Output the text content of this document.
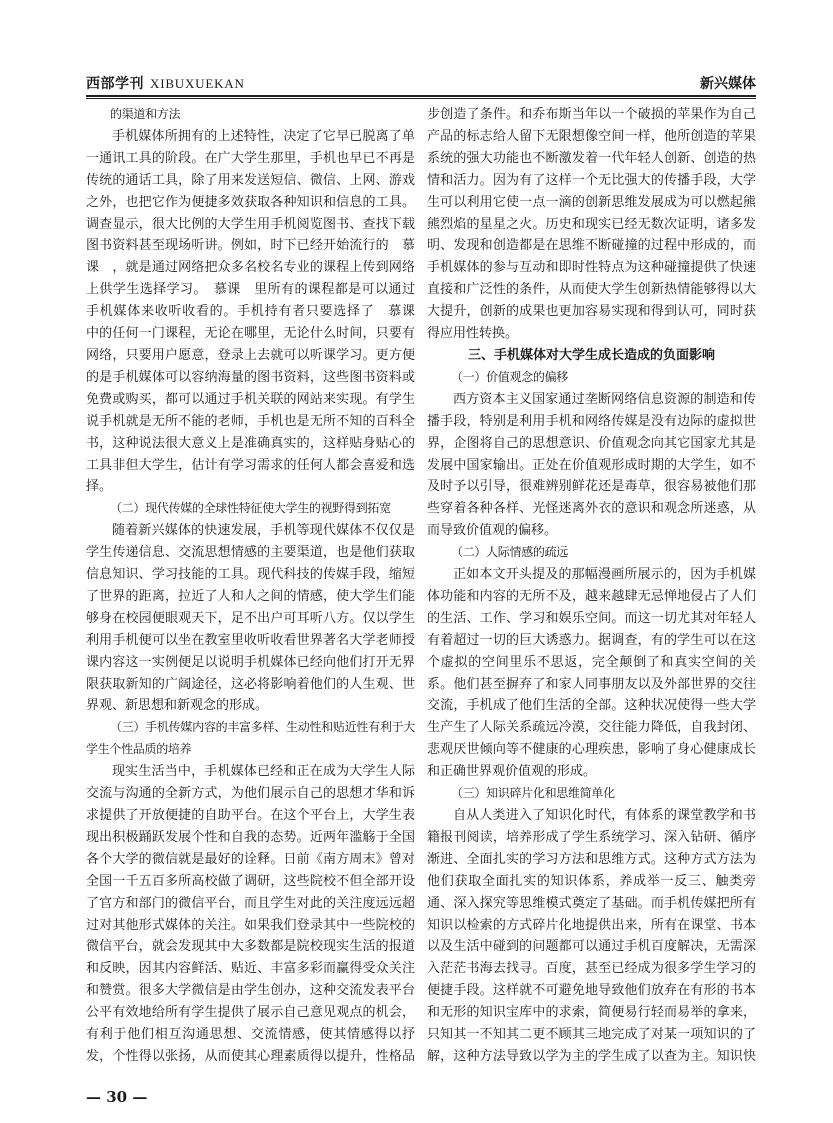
西部学刊 XIBUXUEKAN	新兴媒体

的渠道和方法

手机媒体所拥有的上述特性，决定了它早已脱离了单一通讯工具的阶段。在广大学生那里，手机也早已不再是传统的通话工具，除了用来发送短信、微信、上网、游戏之外，也把它作为便捷多效获取各种知识和信息的工具。调查显示，很大比例的大学生用手机阅览图书、查找下载图书资料甚至现场听讲。例如，时下已经开始流行的　慕课　，就是通过网络把众多名校名专业的课程上传到网络上供学生选择学习。　慕课　里所有的课程都是可以通过手机媒体来收听收看的。手机持有者只要选择了　慕课　中的任何一门课程，无论在哪里，无论什么时间，只要有网络，只要用户愿意，登录上去就可以听课学习。更方便的是手机媒体可以容纳海量的图书资料，这些图书资料或免费或购买，都可以通过手机关联的网站来实现。有学生说手机就是无所不能的老师，手机也是无所不知的百科全书，这种说法很大意义上是准确真实的，这样贴身贴心的工具非但大学生，估计有学习需求的任何人都会喜爱和选择。

（二）现代传媒的全球性特征使大学生的视野得到拓宽

随着新兴媒体的快速发展，手机等现代媒体不仅仅是学生传递信息、交流思想情感的主要渠道，也是他们获取信息知识、学习技能的工具。现代科技的传媒手段，缩短了世界的距离，拉近了人和人之间的情感，使大学生们能够身在校园便眼观天下，足不出户可耳听八方。仅以学生利用手机便可以坐在教室里收听收看世界著名大学老师授课内容这一实例便足以说明手机媒体已经向他们打开无界限获取新知的广阔途径，这必将影响着他们的人生观、世界观、新思想和新观念的形成。

（三）手机传媒内容的丰富多样、生动性和贴近性有利于大学生个性品质的培养

现实生活当中，手机媒体已经和正在成为大学生人际交流与沟通的全新方式，为他们展示自己的思想才华和诉求提供了开放便捷的自助平台。在这个平台上，大学生表现出积极踊跃发展个性和自我的态势。近两年滥觞于全国各个大学的微信就是最好的诠释。日前《南方周末》曾对全国一千五百多所高校做了调研，这些院校不但全部开设了官方和部门的微信平台，而且学生对此的关注度远远超过对其他形式媒体的关注。如果我们登录其中一些院校的微信平台，就会发现其中大多数都是院校现实生活的报道和反映，因其内容鲜活、贴近、丰富多彩而赢得受众关注和赞赏。很多大学微信是由学生创办，这种交流发表平台公平有效地给所有学生提供了展示自己意见观点的机会，有利于他们相互沟通思想、交流情感，使其情感得以抒发，个性得以张扬，从而使其心理素质得以提升，性格品

步创造了条件。和乔布斯当年以一个破损的苹果作为自己产品的标志给人留下无限想像空间一样，他所创造的苹果系统的强大功能也不断激发着一代年轻人创新、创造的热情和活力。因为有了这样一个无比强大的传播手段，大学生可以利用它使一点一滴的创新思维发展成为可以燃起熊熊烈焰的星星之火。历史和现实已经无数次证明，诸多发明、发现和创造都是在思维不断碰撞的过程中形成的，而手机媒体的参与互动和即时性特点为这种碰撞提供了快速直接和广泛性的条件，从而使大学生创新热情能够得以大大提升，创新的成果也更加容易实现和得到认可，同时获得应用性转换。

三、手机媒体对大学生成长造成的负面影响

（一）价值观念的偏移

西方资本主义国家通过垄断网络信息资源的制造和传播手段，特别是利用手机和网络传媒是没有边际的虚拟世界，企图将自己的思想意识、价值观念向其它国家尤其是发展中国家输出。正处在价值观形成时期的大学生，如不及时予以引导，很难辨别鲜花还是毒草，很容易被他们那些穿着各种各样、光怪迷离外衣的意识和观念所迷惑，从而导致价值观的偏移。

（二）人际情感的疏远

正如本文开头提及的那幅漫画所展示的，因为手机媒体功能和内容的无所不及，越来越肆无忌惮地侵占了人们的生活、工作、学习和娱乐空间。而这一切尤其对年轻人有着超过一切的巨大诱惑力。据调查，有的学生可以在这个虚拟的空间里乐不思返，完全颠倒了和真实空间的关系。他们甚至摒弃了和家人同事朋友以及外部世界的交往交流，手机成了他们生活的全部。这种状况使得一些大学生产生了人际关系疏远冷漠，交往能力降低，自我封闭、悲观厌世倾向等不健康的心理疾患，影响了身心健康成长和正确世界观价值观的形成。

（三）知识碎片化和思维简单化

自从人类进入了知识化时代，有体系的课堂教学和书籍报刊阅读，培养形成了学生系统学习、深入钻研、循序渐进、全面扎实的学习方法和思维方式。这种方式方法为他们获取全面扎实的知识体系，养成举一反三、触类旁通、深入探究等思维模式奠定了基础。而手机传媒把所有知识以检索的方式碎片化地提供出来，所有在课堂、书本以及生活中碰到的问题都可以通过手机百度解决，无需深入茫茫书海去找寻。百度，甚至已经成为很多学生学习的便捷手段。这样就不可避免地导致他们放弃在有形的书本和无形的知识宝库中的求索，简便易行轻而易举的拿来，只知其一不知其二更不顾其三地完成了对某一项知识的了解，这种方法导致以学为主的学生成了以查为主。知识快

— 30 —
